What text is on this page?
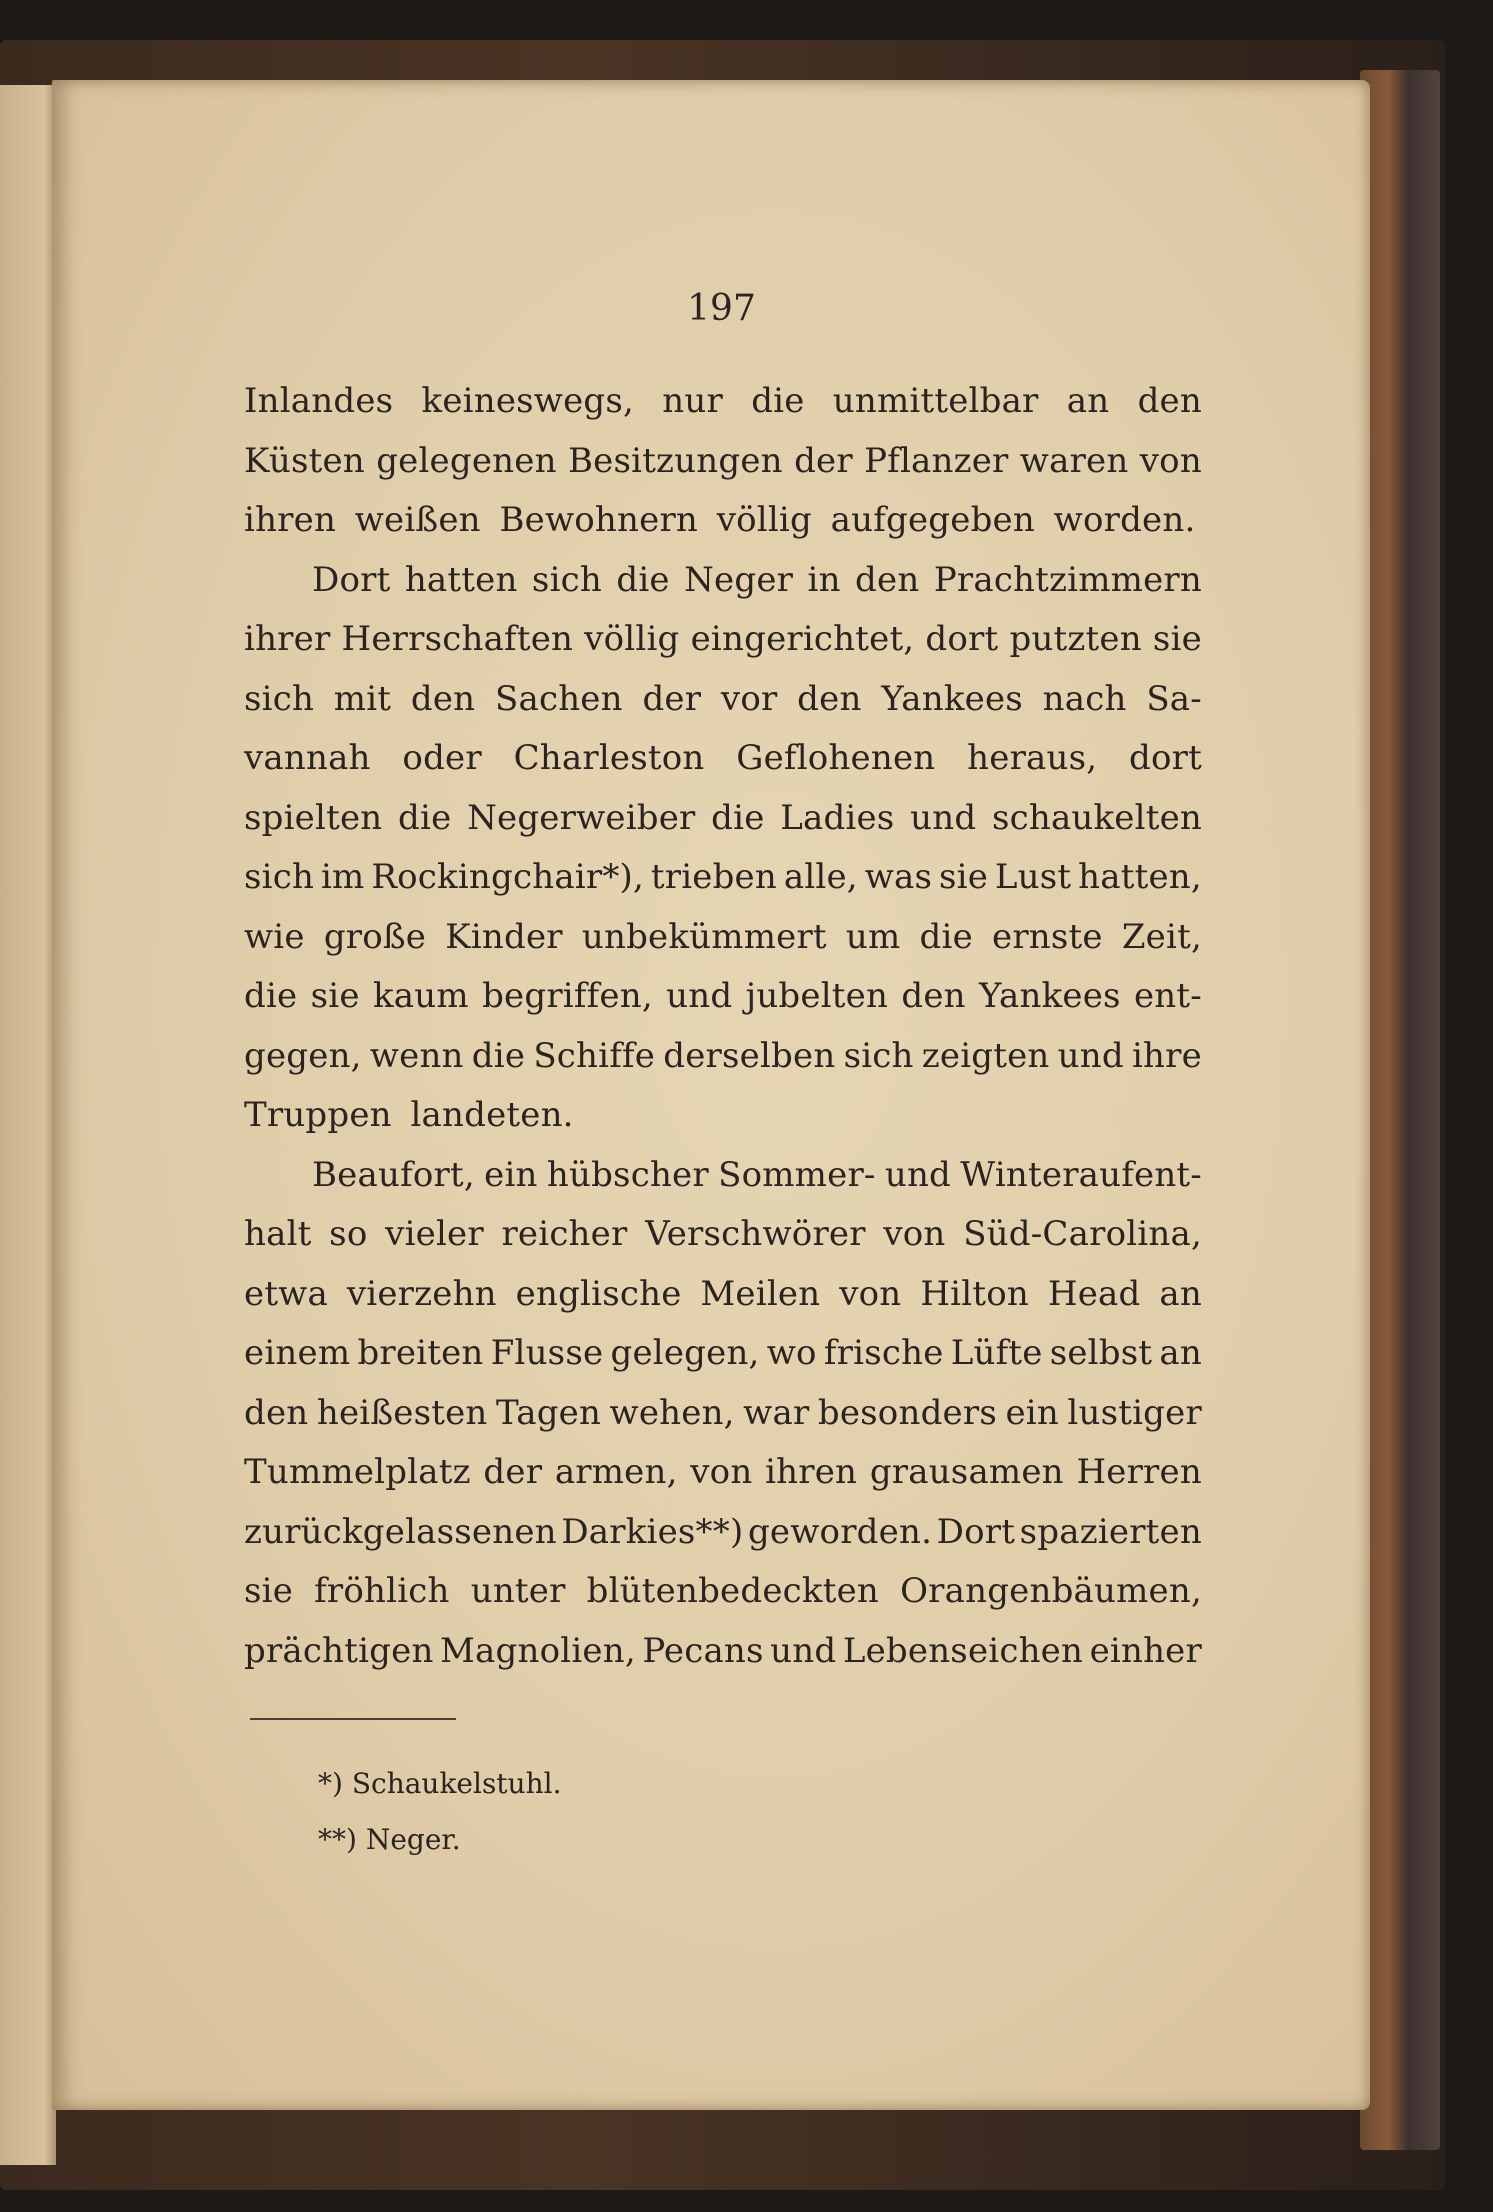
197
Inlandes keineswegs, nur die unmittelbar an den
Küsten gelegenen Besitzungen der Pflanzer waren von
ihren weißen Bewohnern völlig aufgegeben worden.
Dort hatten sich die Neger in den Prachtzimmern
ihrer Herrschaften völlig eingerichtet, dort putzten sie
sich mit den Sachen der vor den Yankees nach Sa-
vannah oder Charleston Geflohenen heraus, dort
spielten die Negerweiber die Ladies und schaukelten
sich im Rockingchair*), trieben alle, was sie Lust hatten,
wie große Kinder unbekümmert um die ernste Zeit,
die sie kaum begriffen, und jubelten den Yankees ent-
gegen, wenn die Schiffe derselben sich zeigten und ihre
Truppen landeten.
Beaufort, ein hübscher Sommer- und Winteraufent-
halt so vieler reicher Verschwörer von Süd-Carolina,
etwa vierzehn englische Meilen von Hilton Head an
einem breiten Flusse gelegen, wo frische Lüfte selbst an
den heißesten Tagen wehen, war besonders ein lustiger
Tummelplatz der armen, von ihren grausamen Herren
zurückgelassenen Darkies**) geworden. Dort spazierten
sie fröhlich unter blütenbedeckten Orangenbäumen,
prächtigen Magnolien, Pecans und Lebenseichen einher
*) Schaukelstuhl.
**) Neger.
